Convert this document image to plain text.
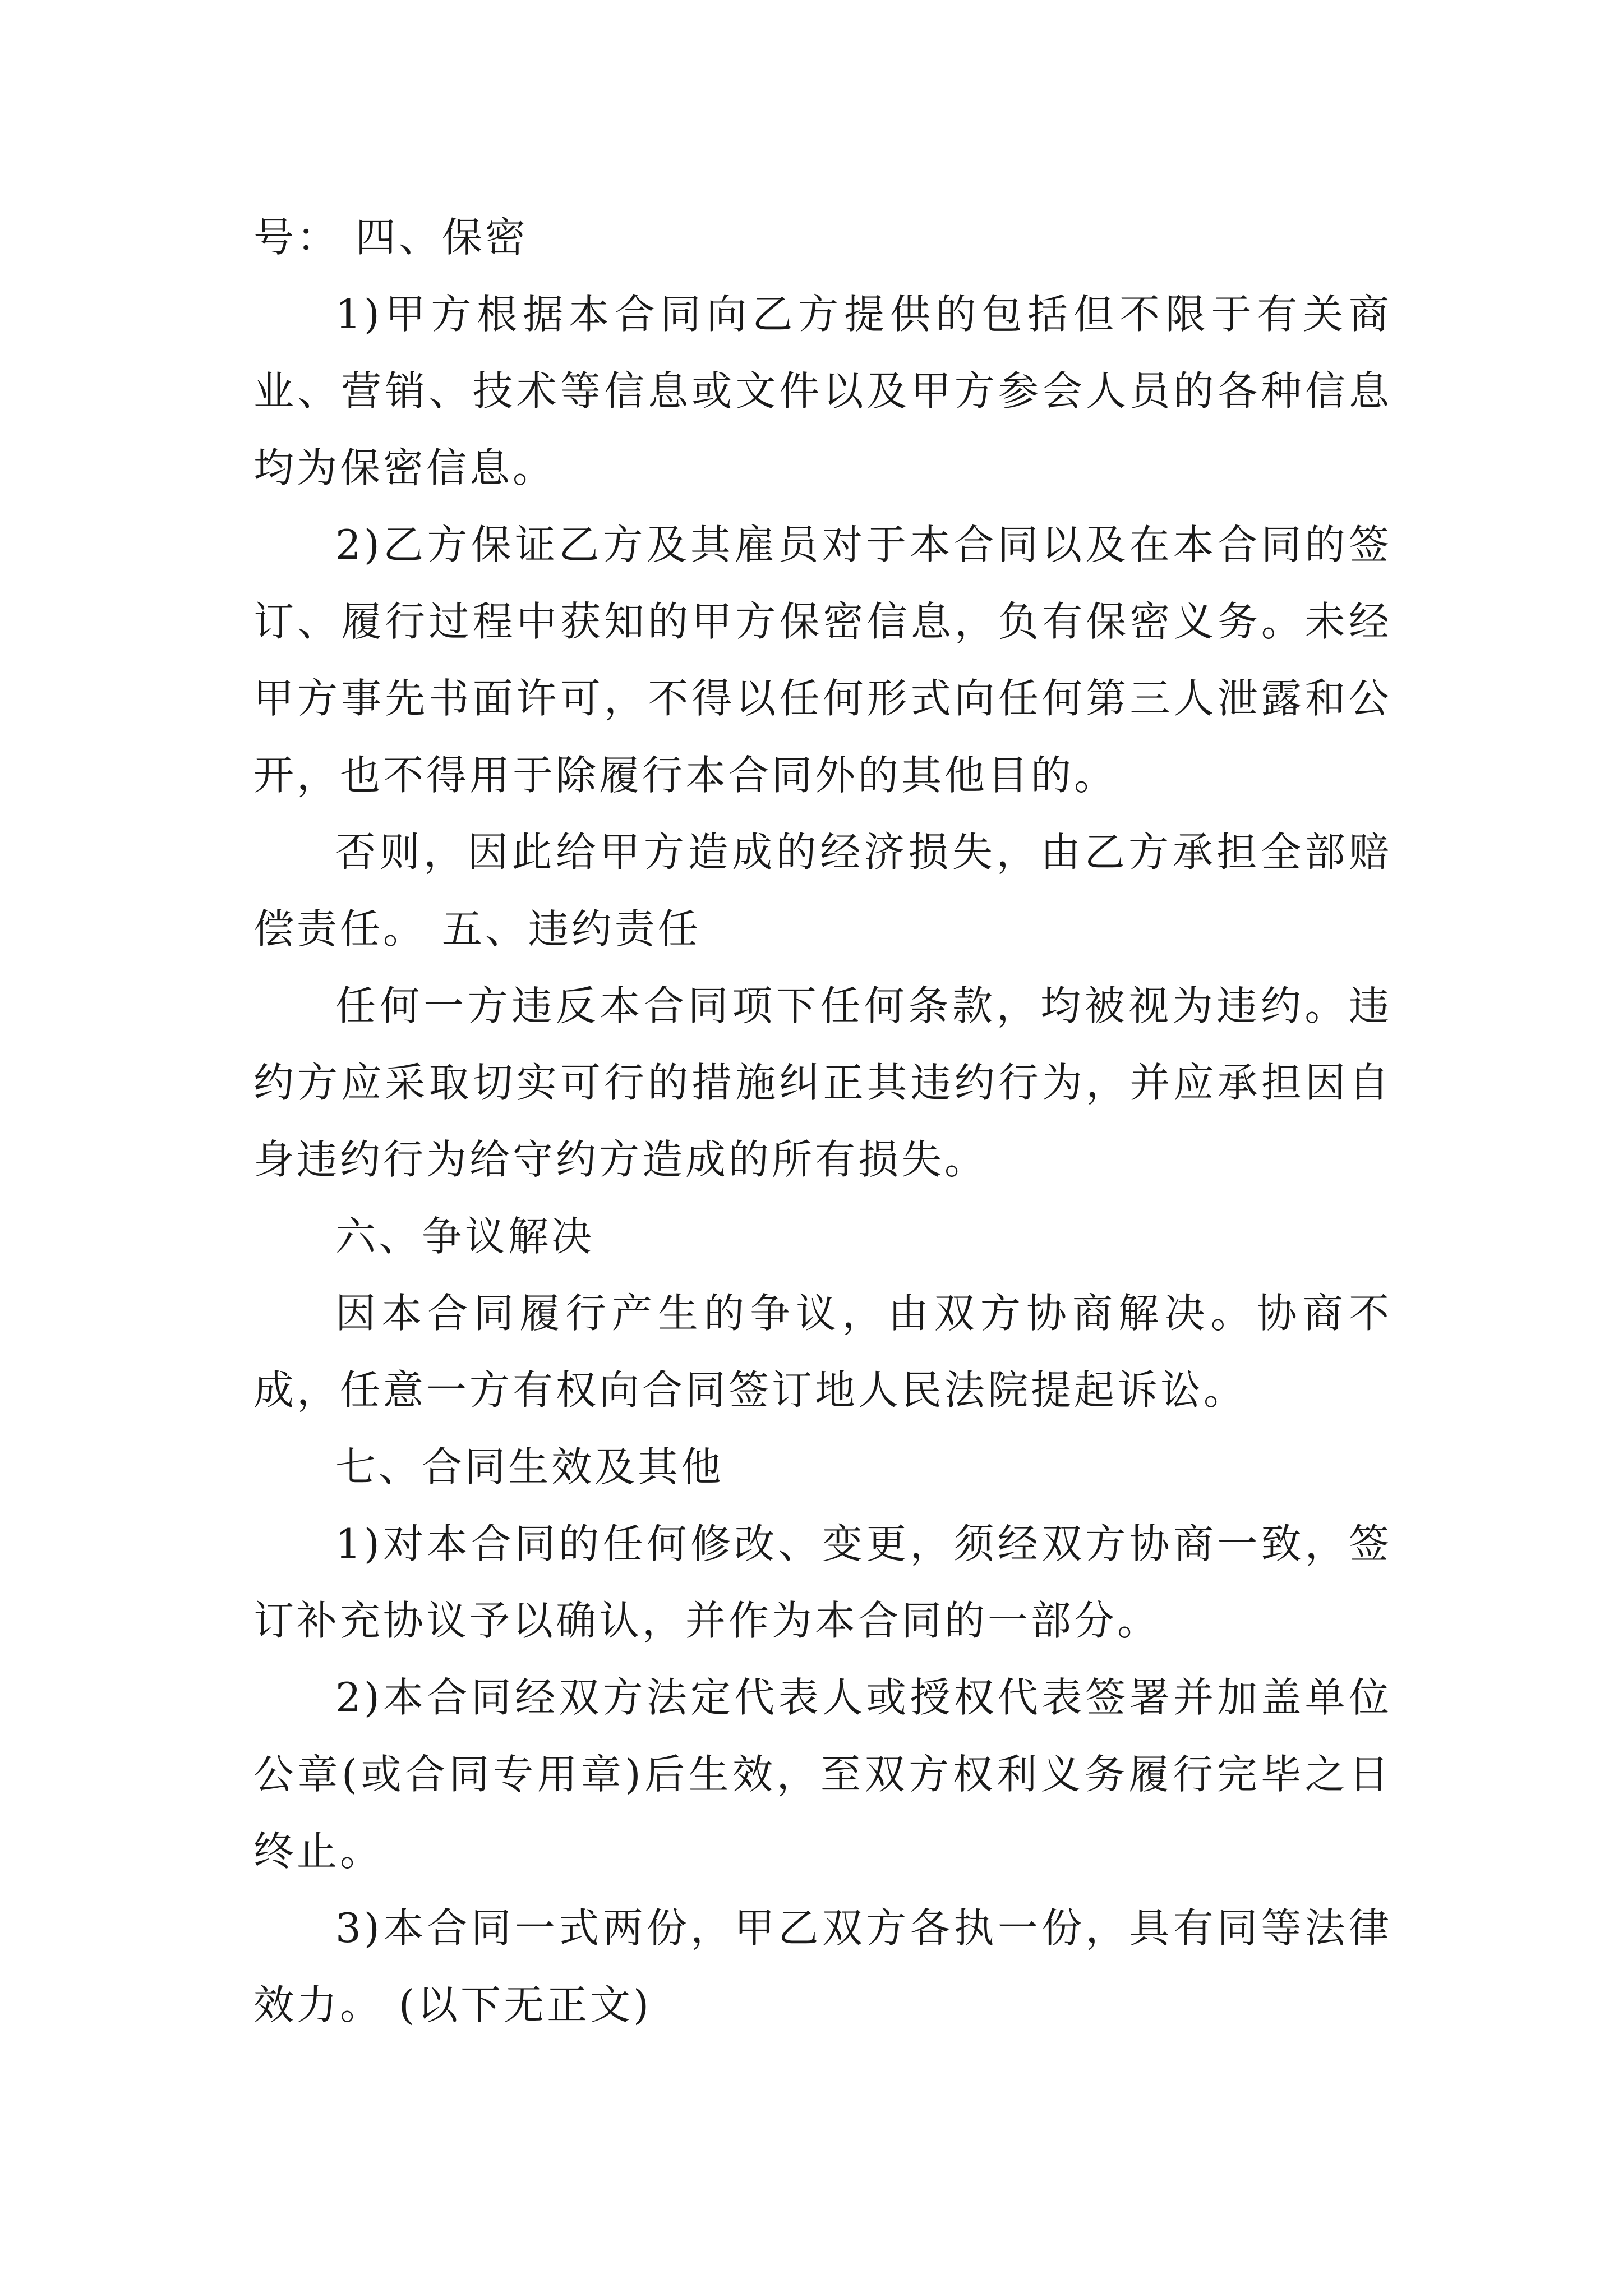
号： 四、保密

1)甲方根据本合同向乙方提供的包括但不限于有关商业、营销、技术等信息或文件以及甲方参会人员的各种信息均为保密信息。

2)乙方保证乙方及其雇员对于本合同以及在本合同的签订、履行过程中获知的甲方保密信息，负有保密义务。未经甲方事先书面许可，不得以任何形式向任何第三人泄露和公开，也不得用于除履行本合同外的其他目的。

否则，因此给甲方造成的经济损失，由乙方承担全部赔偿责任。 五、违约责任

任何一方违反本合同项下任何条款，均被视为违约。违约方应采取切实可行的措施纠正其违约行为，并应承担因自身违约行为给守约方造成的所有损失。

六、争议解决

因本合同履行产生的争议，由双方协商解决。协商不成，任意一方有权向合同签订地人民法院提起诉讼。

七、合同生效及其他

1)对本合同的任何修改、变更，须经双方协商一致，签订补充协议予以确认，并作为本合同的一部分。

2)本合同经双方法定代表人或授权代表签署并加盖单位公章(或合同专用章)后生效，至双方权利义务履行完毕之日终止。

3)本合同一式两份，甲乙双方各执一份，具有同等法律效力。 (以下无正文)
